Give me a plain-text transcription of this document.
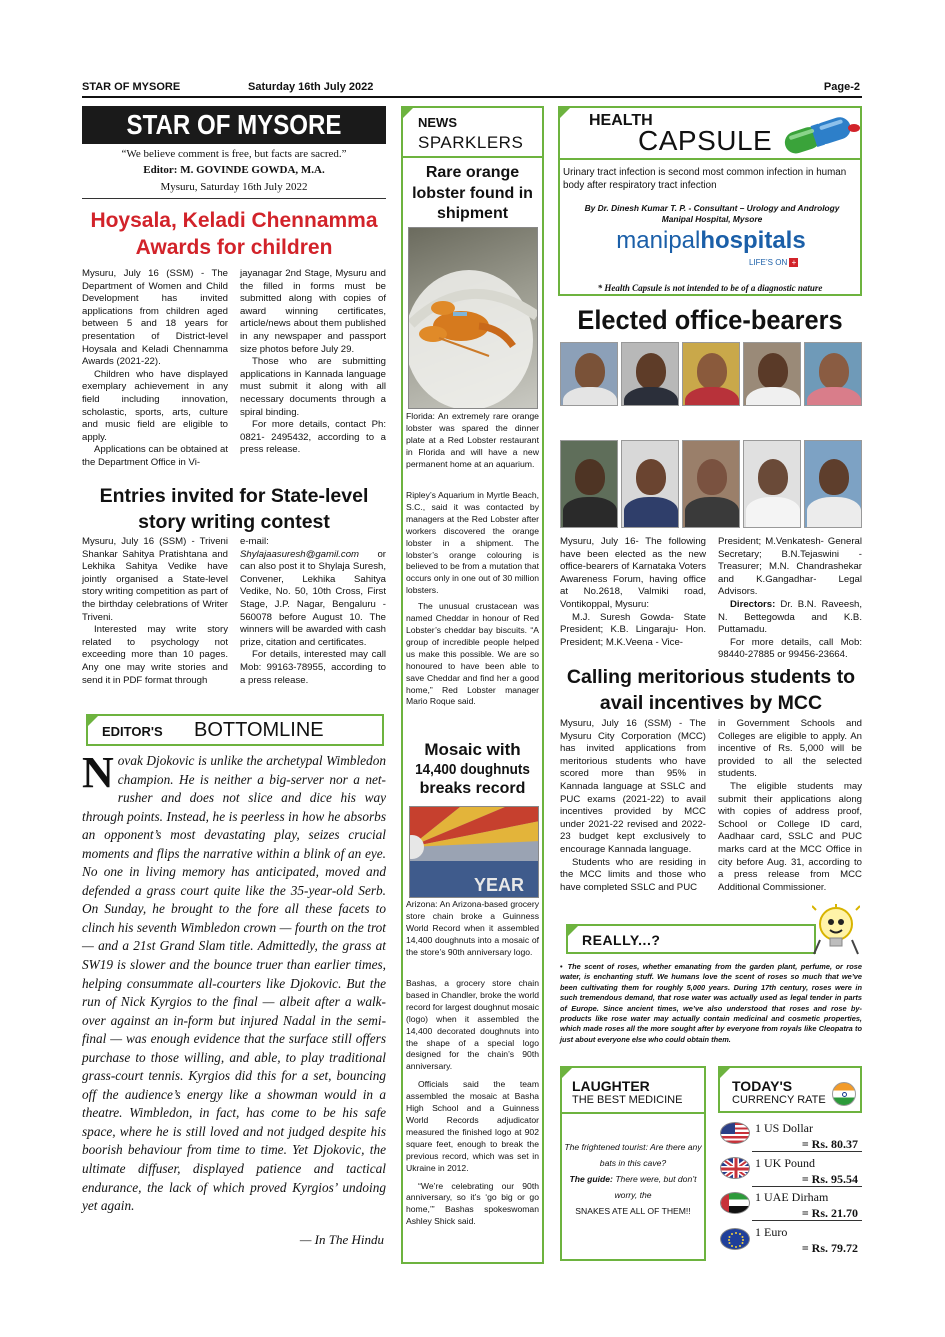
STAR OF MYSORE	Saturday 16th July 2022	Page-2
STAR OF MYSORE
“We believe comment is free, but facts are sacred.”
Editor: M. GOVINDE GOWDA, M.A.
Mysuru, Saturday 16th July 2022
Hoysala, Keladi Chennamma Awards for children

Mysuru, July 16 (SSM) - The Department of Women and Child Development has invited applications from children aged between 5 and 18 years for presentation of District-level Hoysala and Keladi Chennamma Awards (2021-22).

Children who have displayed exemplary achievement in any field including innovation, scholastic, sports, arts, culture and music field are eligible to apply.

Applications can be obtained at the Department Office in Vi-

jayanagar 2nd Stage, Mysuru and the filled in forms must be submitted along with copies of award winning certificates, article/news about them published in any newspaper and passport size photos before July 29.

Those who are submitting applications in Kannada language must submit it along with all necessary documents through a spiral binding.

For more details, contact Ph: 0821- 2495432, according to a press release.

Entries invited for State-level story writing contest

Mysuru, July 16 (SSM) - Triveni Shankar Sahitya Pratishtana and Lekhika Sahitya Vedike have jointly organised a State-level story writing competition as part of the birthday celebrations of Writer Triveni.

Interested may write story related to psychology not exceeding more than 10 pages. Any one may write stories and send it in PDF format through

e-mail: Shylajaasuresh@gamil.com or can also post it to Shylaja Suresh, Convener, Lekhika Sahitya Vedike, No. 50, 10th Cross, First Stage, J.P. Nagar, Bengaluru - 560078 before August 10. The winners will be awarded with cash prize, citation and certificates.

For details, interested may call Mob: 99163-78955, according to a press release.

EDITOR'S BOTTOMLINE
Novak Djokovic is unlike the archetypal Wimbledon champion. He is neither a big-server nor a net-rusher and does not slice and dice his way through points. Instead, he is peerless in how he absorbs an opponent’s most devastating play, seizes crucial moments and flips the narrative within a blink of an eye. No one in living memory has anticipated, moved and defended a grass court quite like the 35-year-old Serb. On Sunday, he brought to the fore all these facets to clinch his seventh Wimbledon crown — fourth on the trot — and a 21st Grand Slam title. Admittedly, the grass at SW19 is slower and the bounce truer than earlier times, helping consummate all-courters like Djokovic. But the run of Nick Kyrgios to the final — albeit after a walk-over against an in-form but injured Nadal in the semi-final — was enough evidence that the surface still offers purchase to those willing, and able, to play traditional grass-court tennis. Kyrgios did this for a set, bouncing off the audience’s energy like a showman would in a theatre. Wimbledon, in fact, has come to be his safe space, where he is still loved and not judged despite his boorish behaviour from time to time. Yet Djokovic, the ultimate diffuser, displayed patience and tactical endurance, the lack of which proved Kyrgios’ undoing yet again.
— In The Hindu
NEWS
SPARKLERS
Rare orange lobster found in shipment
Florida: An extremely rare orange lobster was spared the dinner plate at a Red Lobster restaurant in Florida and will have a new permanent home at an aquarium.

Ripley’s Aquarium in Myrtle Beach, S.C., said it was contacted by managers at the Red Lobster after workers discovered the orange lobster in a shipment. The lobster’s orange colouring is believed to be from a mutation that occurs only in one out of 30 million lobsters.

The unusual crustacean was named Cheddar in honour of Red Lobster’s cheddar bay biscuits. “A group of incredible people helped us make this possible. We are so honoured to have been able to save Cheddar and find her a good home,” Red Lobster manager Mario Roque said.

Mosaic with
14,400 doughnuts
breaks record
YEAR
Arizona: An Arizona-based grocery store chain broke a Guinness World Record when it assembled 14,400 doughnuts into a mosaic of the store’s 90th anniversary logo.

Bashas, a grocery store chain based in Chandler, broke the world record for largest doughnut mosaic (logo) when it assembled the 14,400 decorated doughnuts into the shape of a special logo designed for the chain’s 90th anniversary.

Officials said the team assembled the mosaic at Basha High School and a Guinness World Records adjudicator measured the finished logo at 902 square feet, enough to break the previous record, which was set in Ukraine in 2012.

“We’re celebrating our 90th anniversary, so it’s ‘go big or go home,’” Bashas spokeswoman Ashley Shick said.

HEALTH
CAPSULE
Urinary tract infection is second most common infection in human body after respiratory tract infection
By Dr. Dinesh Kumar T. P. - Consultant – Urology and Andrology Manipal Hospital, Mysore
manipalhospitals
LIFE’S ON +
* Health Capsule is not intended to be of a diagnostic nature
Elected office-bearers

Mysuru, July 16- The following have been elected as the new office-bearers of Karnataka Voters Awareness Forum, having office at No.2618, Valmiki road, Vontikoppal, Mysuru:

M.J. Suresh Gowda- State President; K.B. Lingaraju- Hon. President; M.K.Veena - Vice-

President; M.Venkatesh- General Secretary; B.N.Tejaswini - Treasurer; M.N. Chandrashekar and K.Gangadhar- Legal Advisors.

Directors: Dr. B.N. Raveesh, N. Bettegowda and K.B. Puttamadu.

For more details, call Mob: 98440-27885 or 99456-23664.

Calling meritorious students to avail incentives by MCC

Mysuru, July 16 (SSM) - The Mysuru City Corporation (MCC) has invited applications from meritorious students who have scored more than 95% in Kannada language at SSLC and PUC exams (2021-22) to avail incentives provided by MCC under 2021-22 revised and 2022-23 budget kept exclusively to encourage Kannada language.

Students who are residing in the MCC limits and those who have completed SSLC and PUC

in Government Schools and Colleges are eligible to apply. An incentive of Rs. 5,000 will be provided to all the selected students.

The eligible students may submit their applications along with copies of address proof, School or College ID card, Aadhaar card, SSLC and PUC marks card at the MCC Office in city before Aug. 31, according to a press release from MCC Additional Commissioner.

REALLY...?
• The scent of roses, whether emanating from the garden plant, perfume, or rose water, is enchanting stuff. We humans love the scent of roses so much that we’ve been cultivating them for roughly 5,000 years. During 17th century, roses were in such tremendous demand, that rose water was actually used as legal tender in parts of Europe. Since ancient times, we’ve also understood that roses and rose by-products like rose water may actually contain medicinal and cosmetic properties, which made roses all the more sought after by everyone from royals like Cleopatra to just about everyone else who could obtain them.
LAUGHTER
THE BEST MEDICINE
The frightened tourist: Are there any bats in this cave?
The guide: There were, but don’t worry, the
SNAKES ATE ALL OF THEM!!
TODAY'S
CURRENCY RATE
1 US Dollar
= Rs. 80.37
1 UK Pound
= Rs. 95.54
1 UAE Dirham
= Rs. 21.70
1 Euro
= Rs. 79.72
